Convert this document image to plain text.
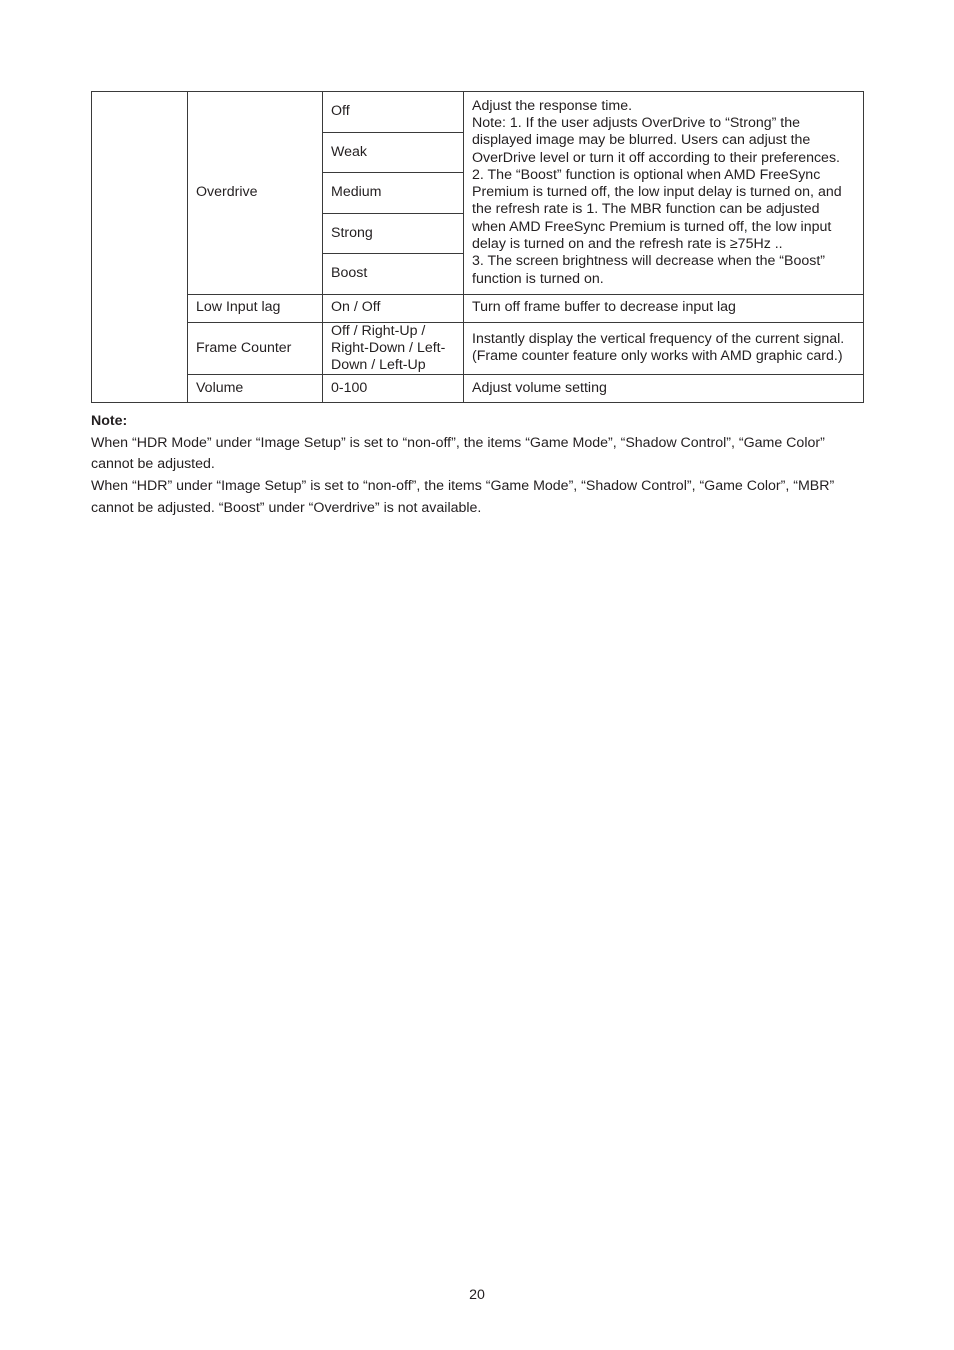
	Overdrive	Off	Adjust the response time.
Note: 1. If the user adjusts OverDrive to “Strong” the displayed image may be blurred. Users can adjust the OverDrive level or turn it off according to their preferences.
2. The “Boost” function is optional when AMD FreeSync Premium is turned off, the low input delay is turned on, and the refresh rate is 1. The MBR function can be adjusted when AMD FreeSync Premium is turned off, the low input delay is turned on and the refresh rate is ≥75Hz ..
3. The screen brightness will decrease when the “Boost” function is turned on.

		Weak	
		Medium	
		Strong	
		Boost	
	Low Input lag	On / Off	Turn off frame buffer to decrease input lag
	Frame Counter	Off / Right-Up / Right-Down / Left-Down / Left-Up	Instantly display the vertical frequency of the current signal. (Frame counter feature only works with AMD graphic card.)
	Volume	0-100	Adjust volume setting
Note:
When “HDR Mode” under “Image Setup” is set to “non-off”, the items “Game Mode”, “Shadow Control”, “Game Color” cannot be adjusted.
When “HDR” under “Image Setup” is set to “non-off”, the items “Game Mode”, “Shadow Control”, “Game Color”, “MBR” cannot be adjusted. “Boost” under “Overdrive” is not available.
20
